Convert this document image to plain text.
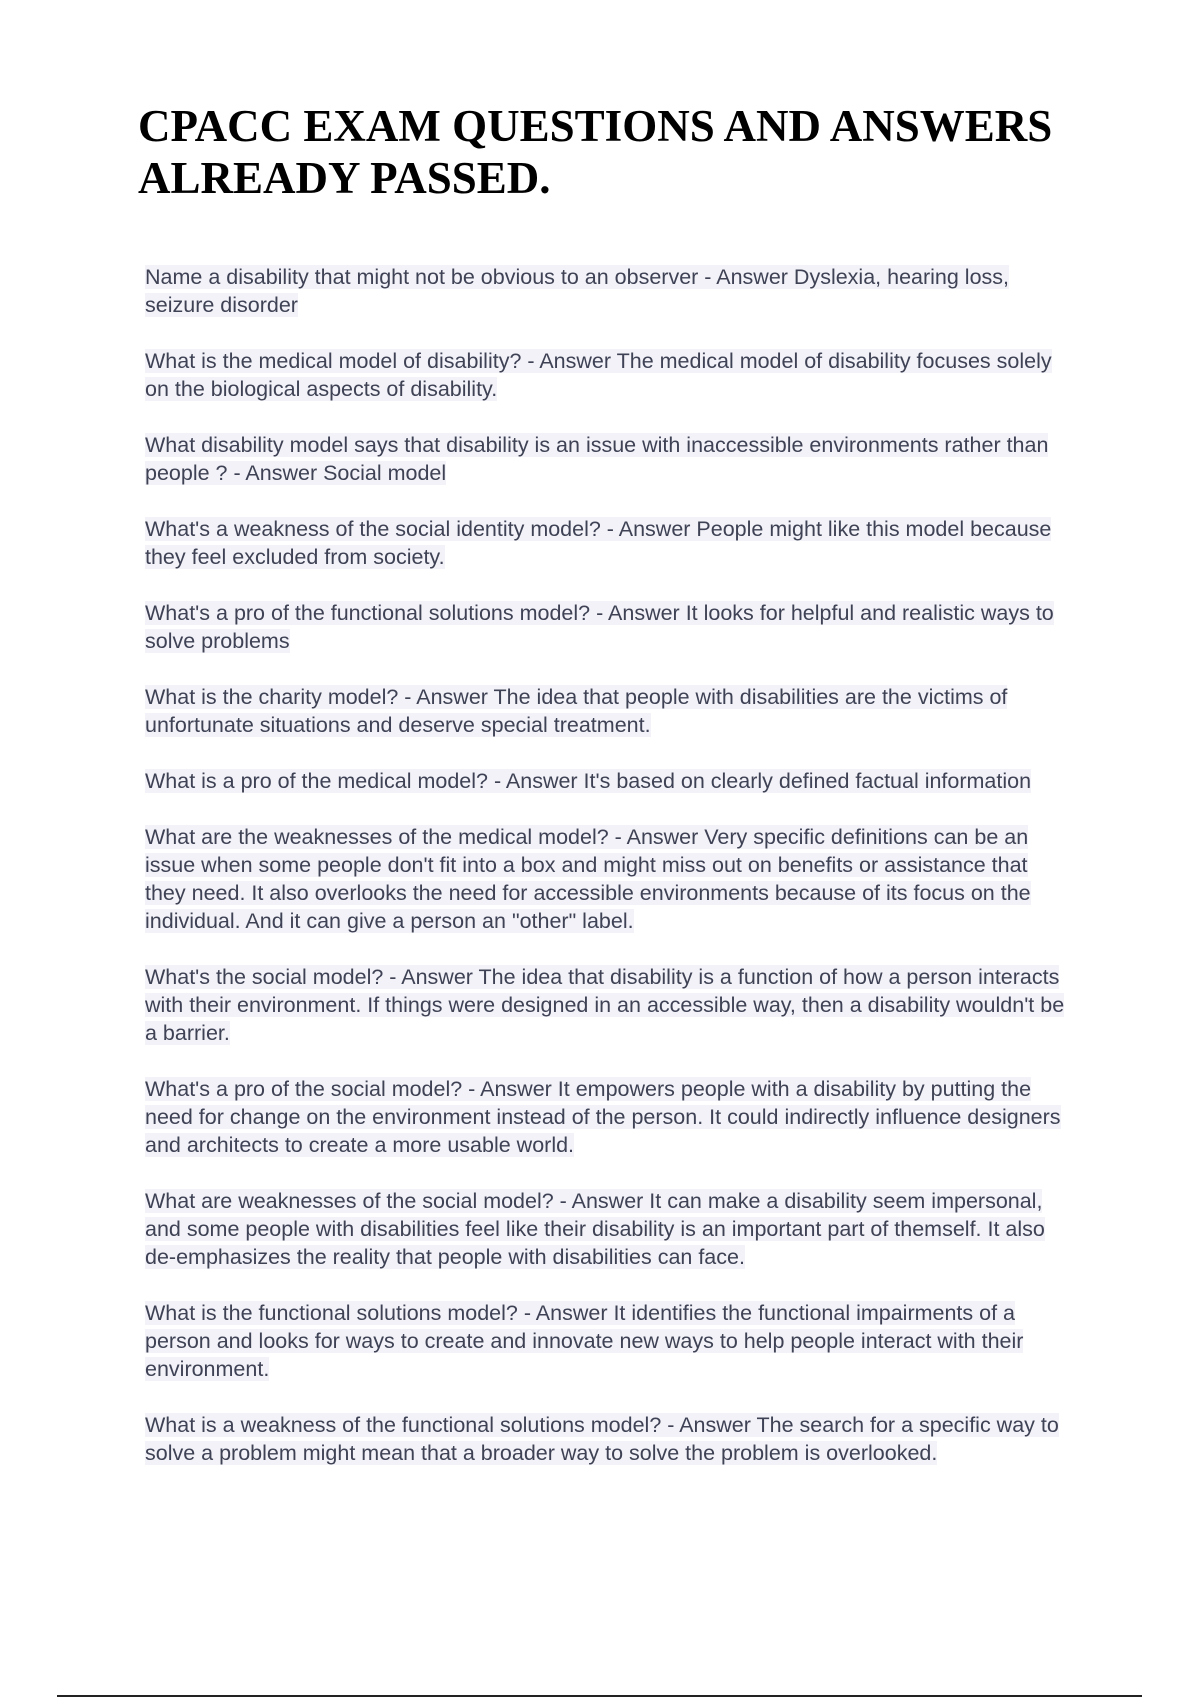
CPACC EXAM QUESTIONS AND ANSWERS
ALREADY PASSED.
Name a disability that might not be obvious to an observer - Answer Dyslexia, hearing loss, seizure disorder
What is the medical model of disability? - Answer The medical model of disability focuses solely on the biological aspects of disability.
What disability model says that disability is an issue with inaccessible environments rather than people ? - Answer Social model
What's a weakness of the social identity model? - Answer People might like this model because they feel excluded from society.
What's a pro of the functional solutions model? - Answer It looks for helpful and realistic ways to solve problems
What is the charity model? - Answer The idea that people with disabilities are the victims of unfortunate situations and deserve special treatment.
What is a pro of the medical model? - Answer It's based on clearly defined factual information
What are the weaknesses of the medical model? - Answer Very specific definitions can be an issue when some people don't fit into a box and might miss out on benefits or assistance that they need. It also overlooks the need for accessible environments because of its focus on the individual. And it can give a person an "other" label.
What's the social model? - Answer The idea that disability is a function of how a person interacts with their environment. If things were designed in an accessible way, then a disability wouldn't be a barrier.
What's a pro of the social model? - Answer It empowers people with a disability by putting the need for change on the environment instead of the person. It could indirectly influence designers and architects to create a more usable world.
What are weaknesses of the social model? - Answer It can make a disability seem impersonal, and some people with disabilities feel like their disability is an important part of themself. It also de-emphasizes the reality that people with disabilities can face.
What is the functional solutions model? - Answer It identifies the functional impairments of a person and looks for ways to create and innovate new ways to help people interact with their environment.
What is a weakness of the functional solutions model? - Answer The search for a specific way to solve a problem might mean that a broader way to solve the problem is overlooked.
